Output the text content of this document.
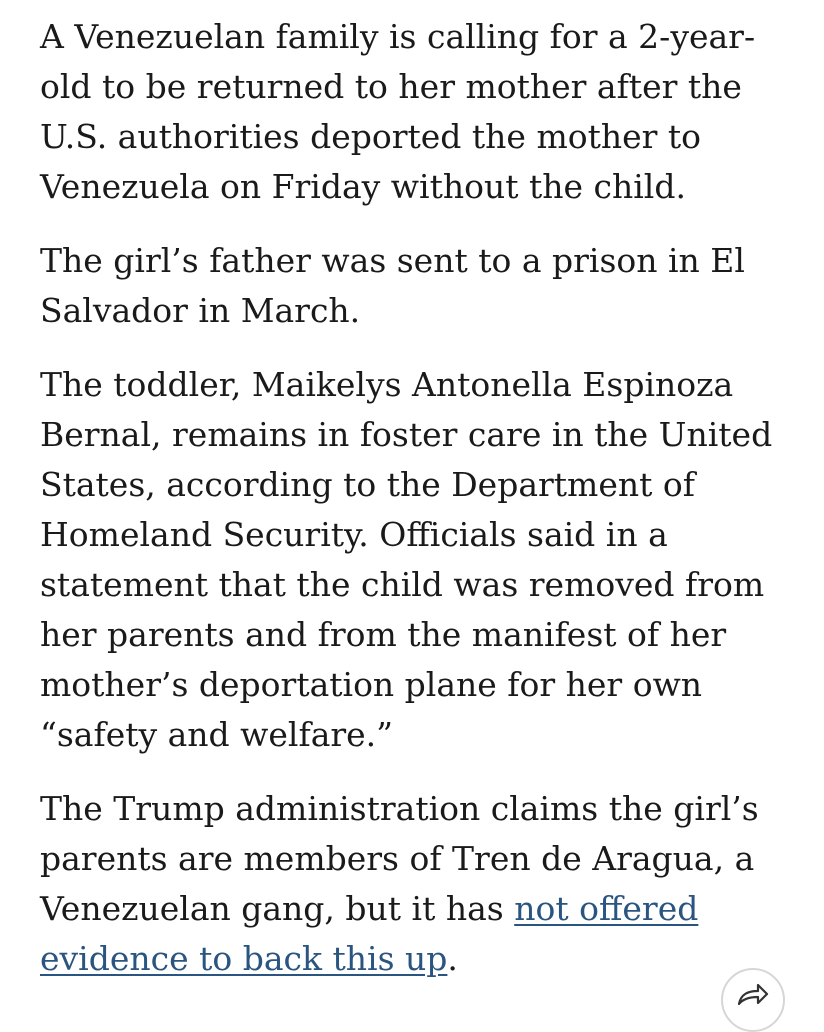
A Venezuelan family is calling for a 2-year-old to be returned to her mother after the U.S. authorities deported the mother to Venezuela on Friday without the child.

The girl’s father was sent to a prison in El Salvador in March.

The toddler, Maikelys Antonella Espinoza Bernal, remains in foster care in the United States, according to the Department of Homeland Security. Officials said in a statement that the child was removed from her parents and from the manifest of her mother’s deportation plane for her own “safety and welfare.”

The Trump administration claims the girl’s parents are members of Tren de Aragua, a Venezuelan gang, but it has not offered evidence to back this up.
